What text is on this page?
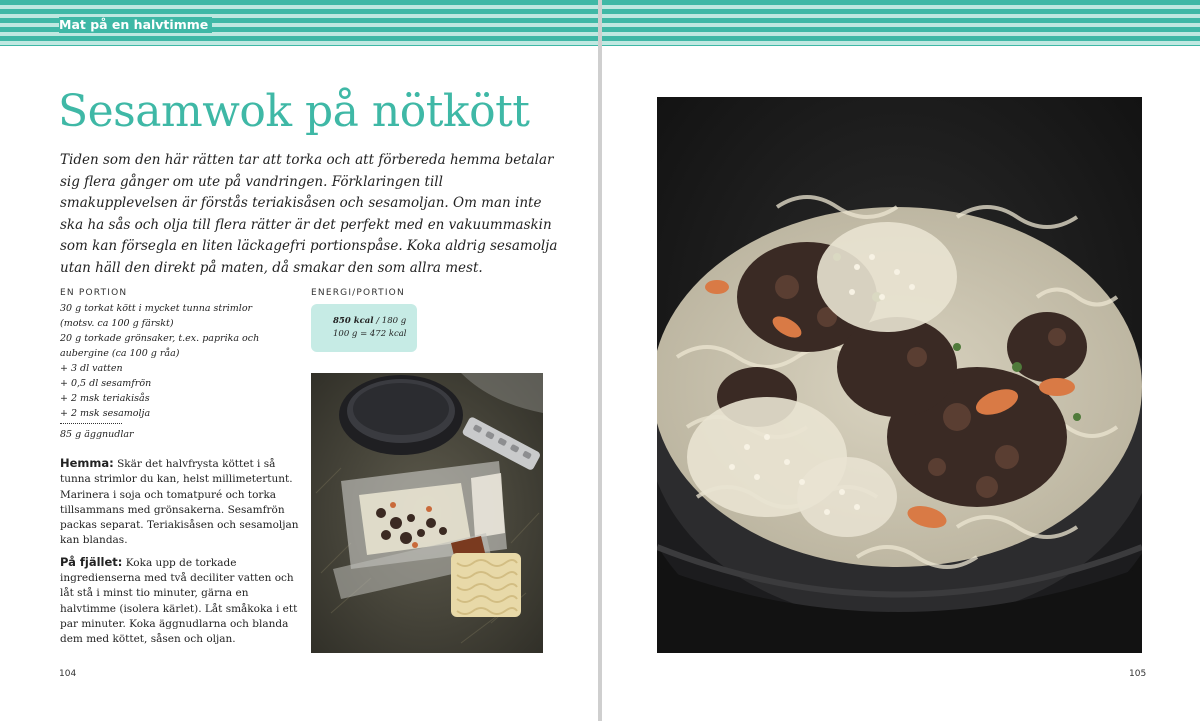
Mat på en halvtimme
Sesamwok på nötkött

Tiden som den här rätten tar att torka och att förbereda hemma betalar sig flera gånger om ute på vandringen. Förklaringen till smakupplevelsen är förstås teriakisåsen och sesamoljan. Om man inte ska ha sås och olja till flera rätter är det perfekt med en vakuummaskin som kan försegla en liten läckagefri portionspåse. Koka aldrig sesamolja utan häll den direkt på maten, då smakar den som allra mest.

EN PORTION
30 g torkat kött i mycket tunna strimlor
(motsv. ca 100 g färskt)
20 g torkade grönsaker, t.ex. paprika och
aubergine (ca 100 g råa)
+ 3 dl vatten
+ 0,5 dl sesamfrön
+ 2 msk teriakisås
+ 2 msk sesamolja
85 g äggnudlar
ENERGI/PORTION
850 kcal / 180 g
100 g = 472 kcal

Hemma: Skär det halvfrysta köttet i så tunna strimlor du kan, helst millimetertunt. Marinera i soja och tomatpuré och torka tillsammans med grönsakerna. Sesamfrön packas separat. Teriakisåsen och sesamoljan kan blandas.

På fjället: Koka upp de torkade ingredienserna med två deciliter vatten och låt stå i minst tio minuter, gärna en halvtimme (isolera kärlet). Låt småkoka i ett par minuter. Koka äggnudlarna och blanda dem med köttet, såsen och oljan.

104	105
